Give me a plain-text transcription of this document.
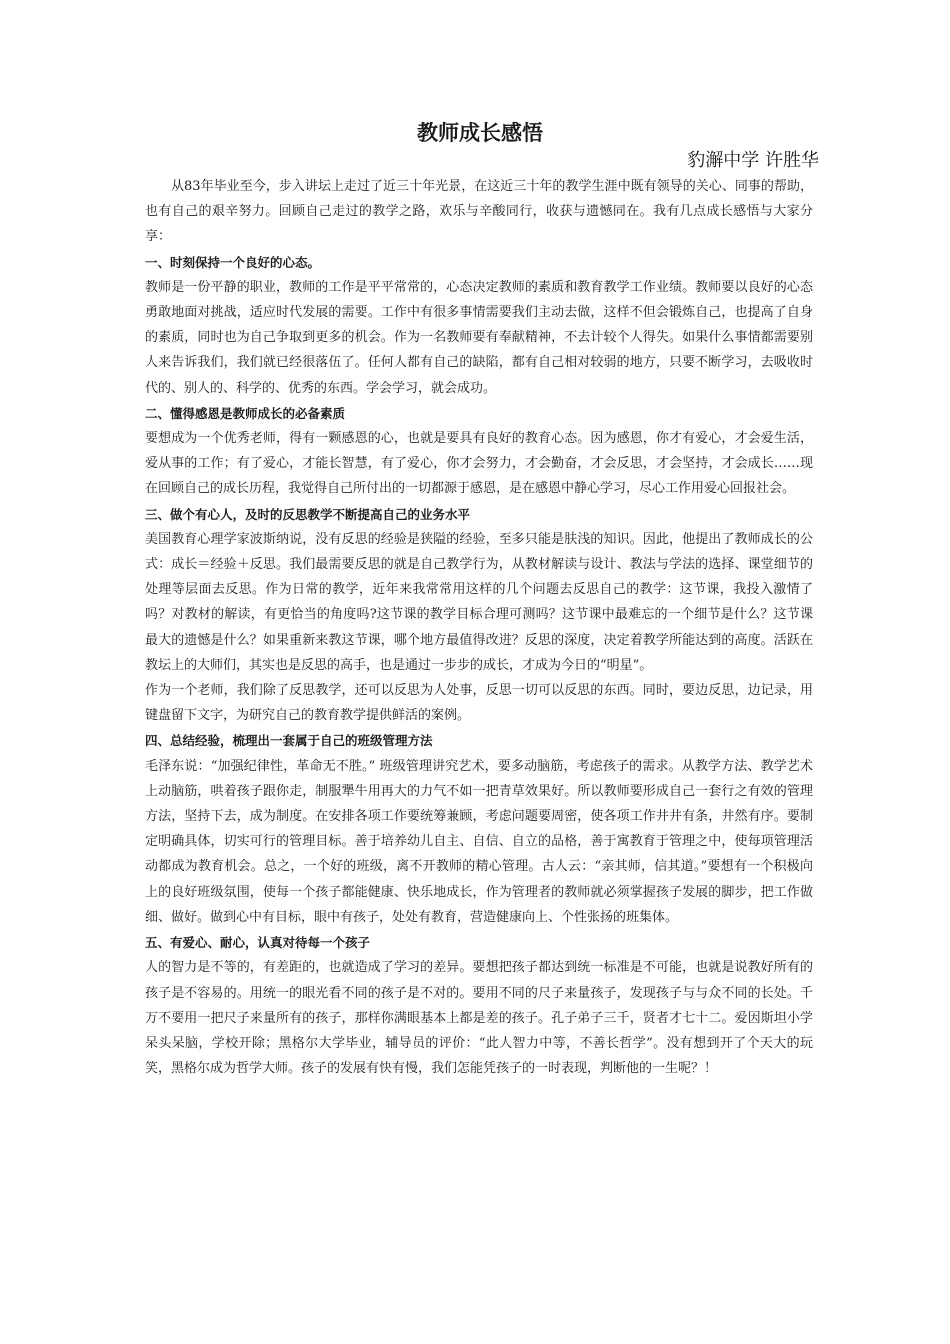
教师成长感悟

豹澥中学 许胜华

从83年毕业至今，步入讲坛上走过了近三十年光景，在这近三十年的教学生涯中既有领导的关心、同事的帮助，也有自己的艰辛努力。回顾自己走过的教学之路，欢乐与辛酸同行，收获与遗憾同在。我有几点成长感悟与大家分享：

一、时刻保持一个良好的心态。

教师是一份平静的职业，教师的工作是平平常常的，心态决定教师的素质和教育教学工作业绩。教师要以良好的心态勇敢地面对挑战，适应时代发展的需要。工作中有很多事情需要我们主动去做，这样不但会锻炼自己，也提高了自身的素质，同时也为自己争取到更多的机会。作为一名教师要有奉献精神，不去计较个人得失。如果什么事情都需要别人来告诉我们，我们就已经很落伍了。任何人都有自己的缺陷，都有自己相对较弱的地方，只要不断学习，去吸收时代的、别人的、科学的、优秀的东西。学会学习，就会成功。

二、懂得感恩是教师成长的必备素质

要想成为一个优秀老师，得有一颗感恩的心，也就是要具有良好的教育心态。因为感恩，你才有爱心，才会爱生活，爱从事的工作；有了爱心，才能长智慧，有了爱心，你才会努力，才会勤奋，才会反思，才会坚持，才会成长……现在回顾自己的成长历程，我觉得自己所付出的一切都源于感恩，是在感恩中静心学习，尽心工作用爱心回报社会。

三、做个有心人，及时的反思教学不断提高自己的业务水平

美国教育心理学家波斯纳说，没有反思的经验是狭隘的经验，至多只能是肤浅的知识。因此，他提出了教师成长的公式：成长＝经验＋反思。我们最需要反思的就是自己教学行为，从教材解读与设计、教法与学法的选择、课堂细节的处理等层面去反思。作为日常的教学，近年来我常常用这样的几个问题去反思自己的教学：这节课，我投入激情了吗？对教材的解读，有更恰当的角度吗?这节课的教学目标合理可测吗？这节课中最难忘的一个细节是什么？这节课最大的遗憾是什么？如果重新来教这节课，哪个地方最值得改进？反思的深度，决定着教学所能达到的高度。活跃在教坛上的大师们，其实也是反思的高手，也是通过一步步的成长，才成为今日的“明星”。

作为一个老师，我们除了反思教学，还可以反思为人处事，反思一切可以反思的东西。同时，要边反思，边记录，用键盘留下文字，为研究自己的教育教学提供鲜活的案例。

四、总结经验，梳理出一套属于自己的班级管理方法

毛泽东说：“加强纪律性，革命无不胜。” 班级管理讲究艺术，要多动脑筋，考虑孩子的需求。从教学方法、教学艺术上动脑筋，哄着孩子跟你走，制服犟牛用再大的力气不如一把青草效果好。所以教师要形成自己一套行之有效的管理方法，坚持下去，成为制度。在安排各项工作要统筹兼顾，考虑问题要周密，使各项工作井井有条，井然有序。要制定明确具体，切实可行的管理目标。善于培养幼儿自主、自信、自立的品格，善于寓教育于管理之中，使每项管理活动都成为教育机会。总之，一个好的班级，离不开教师的精心管理。古人云：“亲其师，信其道。”要想有一个积极向上的良好班级氛围，使每一个孩子都能健康、快乐地成长，作为管理者的教师就必须掌握孩子发展的脚步，把工作做细、做好。做到心中有目标，眼中有孩子，处处有教育，营造健康向上、个性张扬的班集体。

五、有爱心、耐心，认真对待每一个孩子

人的智力是不等的，有差距的，也就造成了学习的差异。要想把孩子都达到统一标准是不可能，也就是说教好所有的孩子是不容易的。用统一的眼光看不同的孩子是不对的。要用不同的尺子来量孩子，发现孩子与与众不同的长处。千万不要用一把尺子来量所有的孩子，那样你满眼基本上都是差的孩子。孔子弟子三千，贤者才七十二。爱因斯坦小学呆头呆脑，学校开除；黑格尔大学毕业，辅导员的评价：“此人智力中等，不善长哲学”。没有想到开了个天大的玩笑，黑格尔成为哲学大师。孩子的发展有快有慢，我们怎能凭孩子的一时表现，判断他的一生呢？！
